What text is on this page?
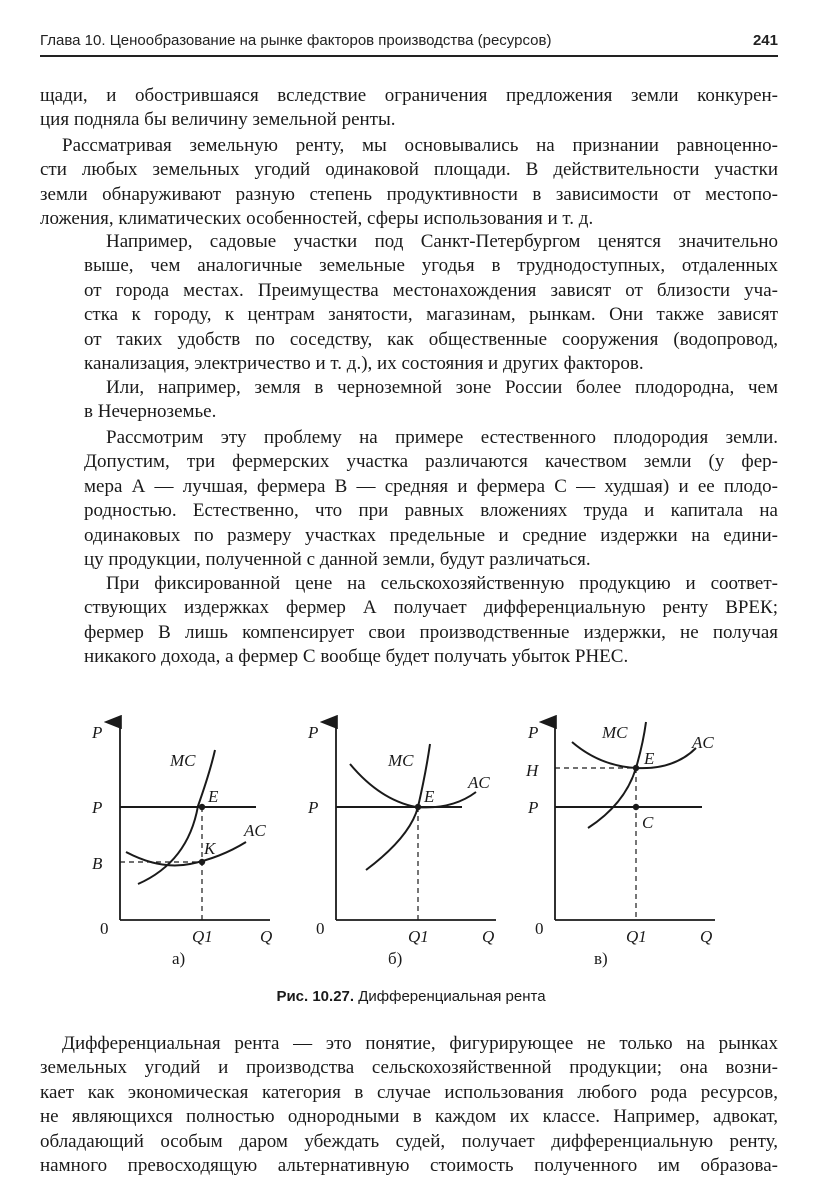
Глава 10. Ценообразование на рынке факторов производства (ресурсов)	241
щади, и обострившаяся вследствие ограничения предложения земли конкурен-
ция подняла бы величину земельной ренты.
Рассматривая земельную ренту, мы основывались на признании равноценно-
сти любых земельных угодий одинаковой площади. В действительности участки
земли обнаруживают разную степень продуктивности в зависимости от местопо-
ложения, климатических особенностей, сферы использования и т. д.
Например, садовые участки под Санкт-Петербургом ценятся значительно
выше, чем аналогичные земельные угодья в труднодоступных, отдаленных
от города местах. Преимущества местонахождения зависят от близости уча-
стка к городу, к центрам занятости, магазинам, рынкам. Они также зависят
от таких удобств по соседству, как общественные сооружения (водопровод,
канализация, электричество и т. д.), их состояния и других факторов.
Или, например, земля в черноземной зоне России более плодородна, чем
в Нечерноземье.
Рассмотрим эту проблему на примере естественного плодородия земли.
Допустим, три фермерских участка различаются качеством земли (у фер-
мера А — лучшая, фермера В — средняя и фермера С — худшая) и ее плодо-
родностью. Естественно, что при равных вложениях труда и капитала на
одинаковых по размеру участках предельные и средние издержки на едини-
цу продукции, полученной с данной земли, будут различаться.
При фиксированной цене на сельскохозяйственную продукцию и соответ-
ствующих издержках фермер А получает дифференциальную ренту ВРЕК;
фермер В лишь компенсирует свои производственные издержки, не получая
никакого дохода, а фермер С вообще будет получать убыток РНЕС.
P
P
B
0	Q1	Q
MC
AC
E
K
а)
P
P
0	Q1	Q
MC
AC
E
б)
P
H
P
0	Q1	Q
MC
AC
E
C
в)
Рис. 10.27. Дифференциальная рента
Дифференциальная рента — это понятие, фигурирующее не только на рынках
земельных угодий и производства сельскохозяйственной продукции; она возни-
кает как экономическая категория в случае использования любого рода ресурсов,
не являющихся полностью однородными в каждом их классе. Например, адвокат,
обладающий особым даром убеждать судей, получает дифференциальную ренту,
намного превосходящую альтернативную стоимость полученного им образова-
